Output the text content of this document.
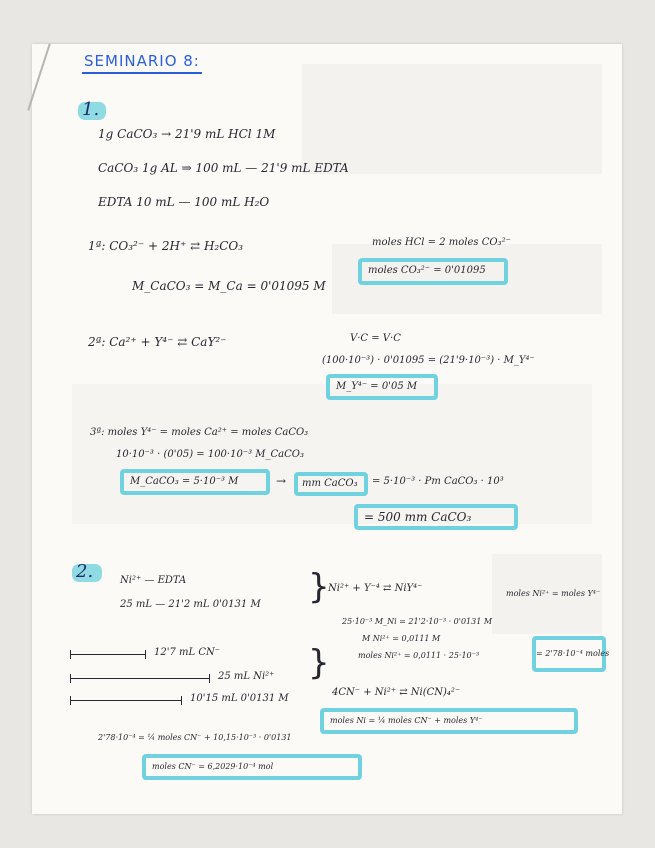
SEMINARIO 8:
1.
1g CaCO₃ → 21'9 mL HCl 1M
CaCO₃ 1g AL ⇒ 100 mL — 21'9 mL EDTA
EDTA 10 mL — 100 mL H₂O
1ª: CO₃²⁻ + 2H⁺ ⇄ H₂CO₃	moles HCl = 2 moles CO₃²⁻
moles CO₃²⁻ = 0'01095
M_CaCO₃ = M_Ca = 0'01095 M
2ª: Ca²⁺ + Y⁴⁻ ⇄ CaY²⁻	V·C = V·C
(100·10⁻³) · 0'01095 = (21'9·10⁻³) · M_Y⁴⁻
M_Y⁴⁻ = 0'05 M
3ª: moles Y⁴⁻ = moles Ca²⁺ = moles CaCO₃
10·10⁻³ · (0'05) = 100·10⁻³ M_CaCO₃
M_CaCO₃ = 5·10⁻³ M	→ mm CaCO₃ = 5·10⁻³ · Pm CaCO₃ · 10³
= 500 mm CaCO₃
2.	Ni²⁺ — EDTA
25 mL — 21'2 mL 0'0131 M }
Ni²⁺ + Y⁻⁴ ⇄ NiY⁴⁻	moles Ni²⁺ = moles Y⁴⁻
25·10⁻³ M_Ni = 21'2·10⁻³ · 0'0131 M
M Ni²⁺ = 0,0111 M
moles Ni²⁺ = 0,0111 · 25·10⁻³	= 2'78·10⁻⁴ moles
12'7 mL CN⁻
25 mL Ni²⁺
10'15 mL 0'0131 M
}
4CN⁻ + Ni²⁺ ⇄ Ni(CN)₄²⁻
moles Ni = ¼ moles CN⁻ + moles Y⁴⁻
2'78·10⁻⁴ = ¼ moles CN⁻ + 10,15·10⁻³ · 0'0131
moles CN⁻ = 6,2029·10⁻⁴ mol
